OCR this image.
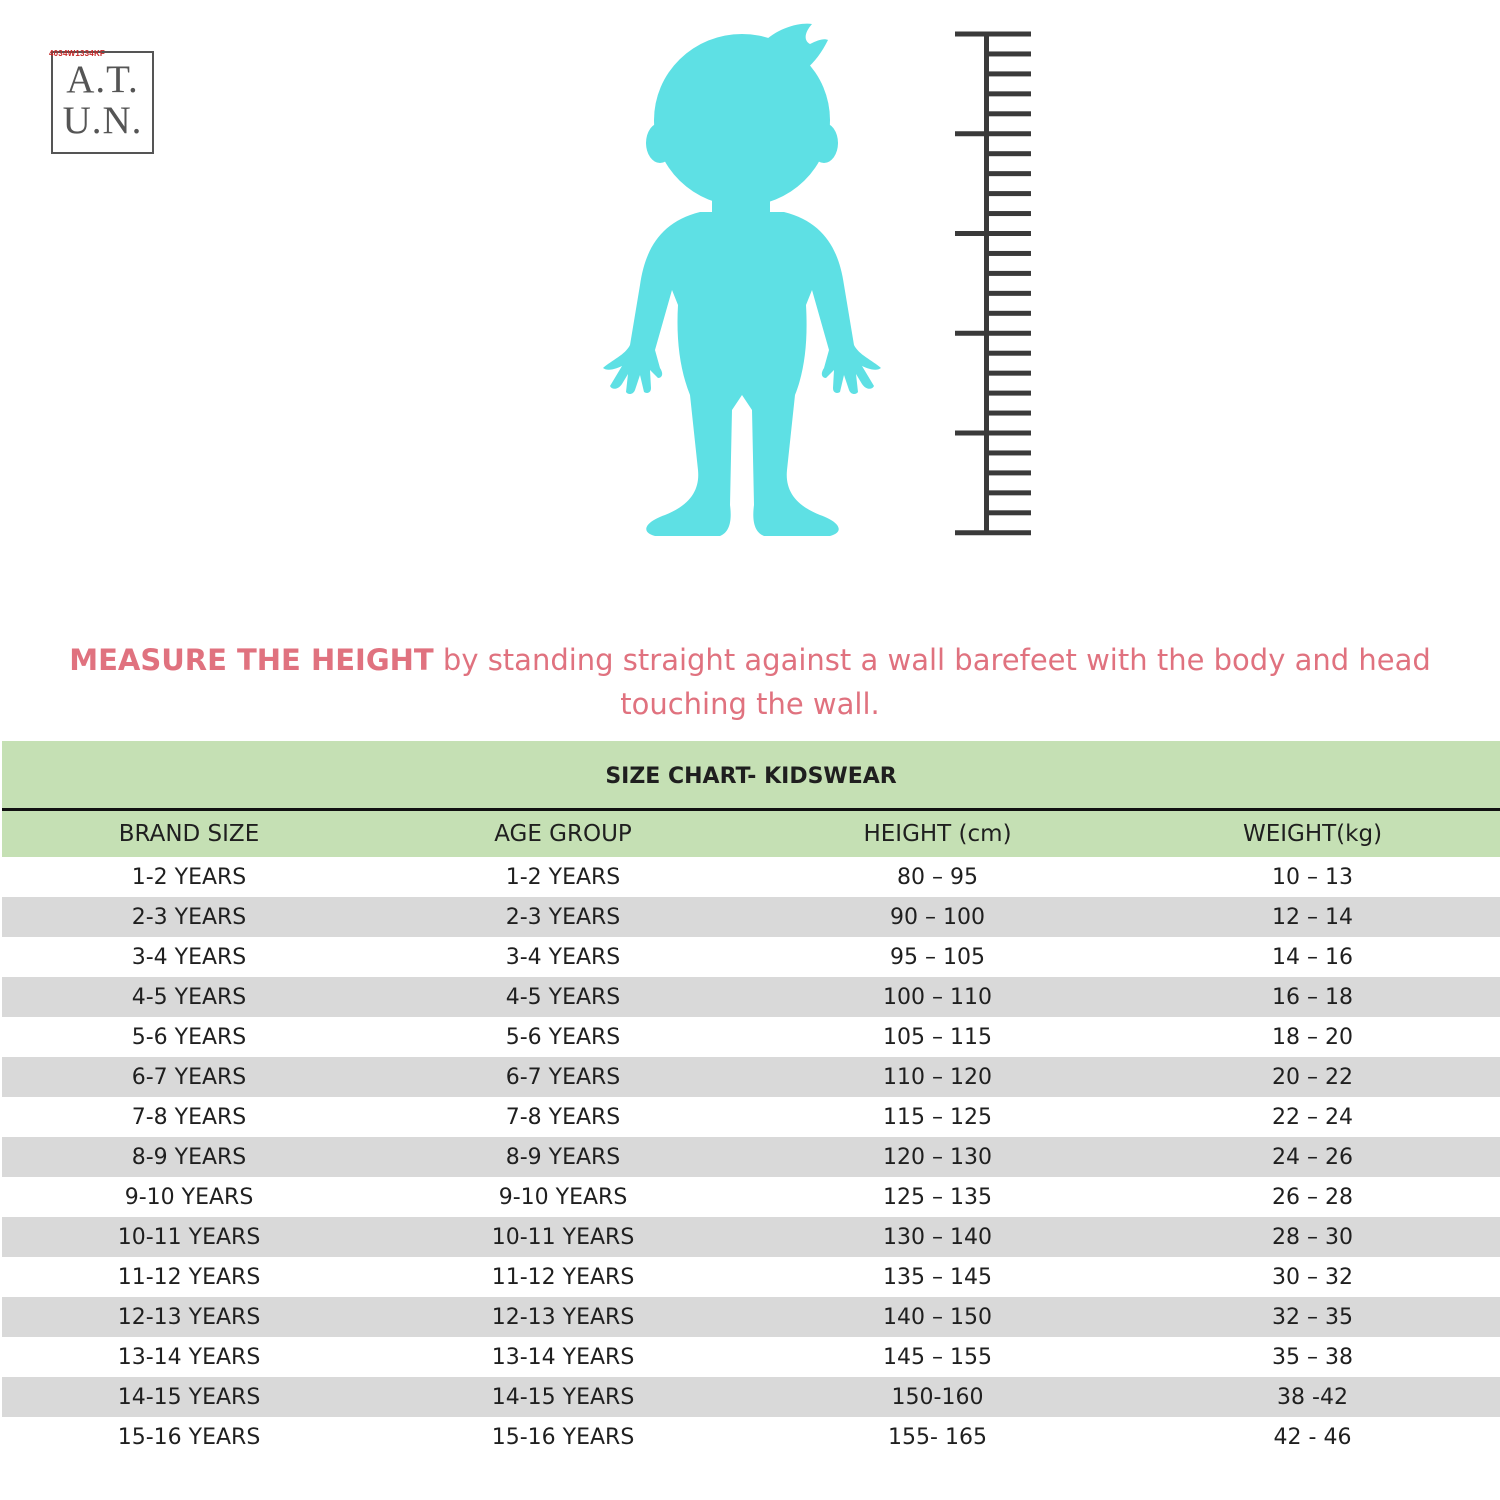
A.T.
U.N.
4034W1334KF
MEASURE THE HEIGHT by standing straight against a wall barefeet with the body and head touching the wall.
SIZE CHART- KIDSWEAR
BRAND SIZE	AGE GROUP	HEIGHT (cm)	WEIGHT(kg)
1-2 YEARS	1-2 YEARS	80 – 95	10 – 13
2-3 YEARS	2-3 YEARS	90 – 100	12 – 14
3-4 YEARS	3-4 YEARS	95 – 105	14 – 16
4-5 YEARS	4-5 YEARS	100 – 110	16 – 18
5-6 YEARS	5-6 YEARS	105 – 115	18 – 20
6-7 YEARS	6-7 YEARS	110 – 120	20 – 22
7-8 YEARS	7-8 YEARS	115 – 125	22 – 24
8-9 YEARS	8-9 YEARS	120 – 130	24 – 26
9-10 YEARS	9-10 YEARS	125 – 135	26 – 28
10-11 YEARS	10-11 YEARS	130 – 140	28 – 30
11-12 YEARS	11-12 YEARS	135 – 145	30 – 32
12-13 YEARS	12-13 YEARS	140 – 150	32 – 35
13-14 YEARS	13-14 YEARS	145 – 155	35 – 38
14-15 YEARS	14-15 YEARS	150-160	38 -42
15-16 YEARS	15-16 YEARS	155- 165	42 - 46
